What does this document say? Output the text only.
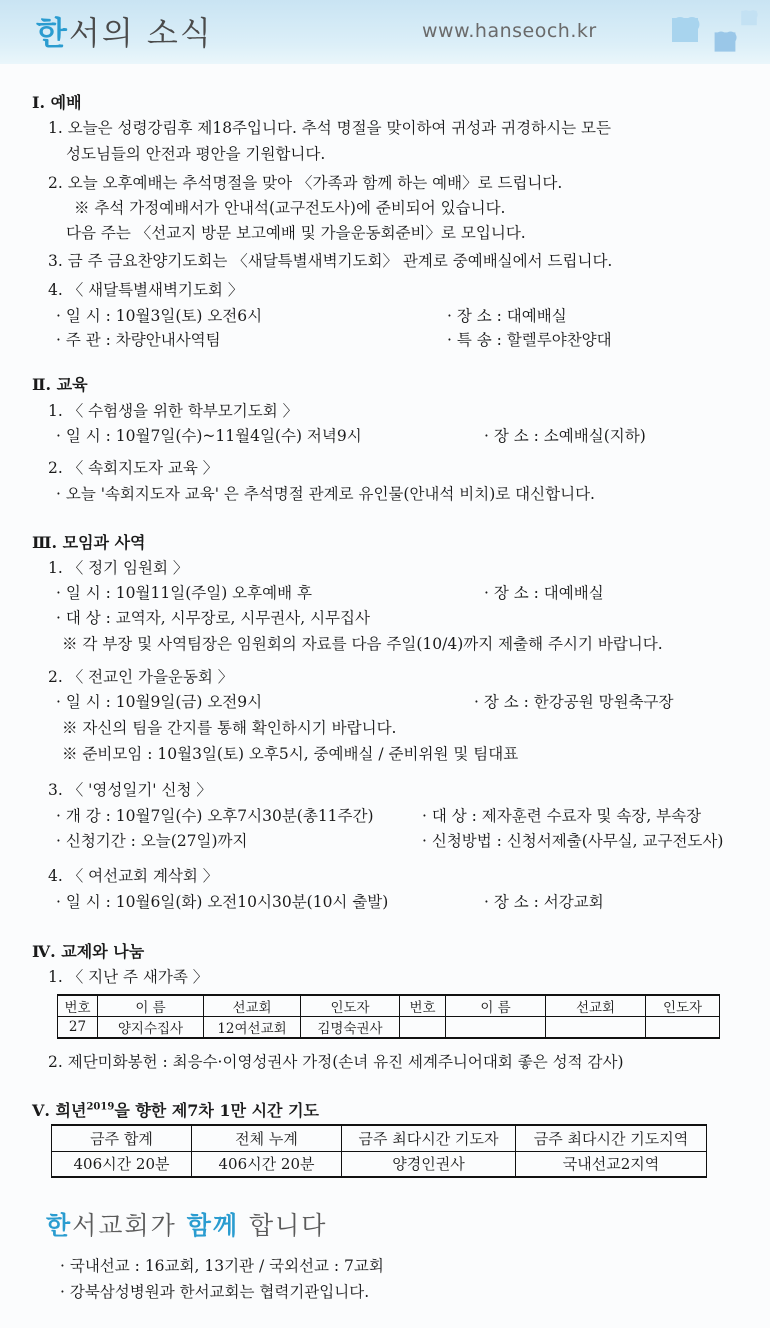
한서의 소식	www.hanseoch.kr
Ⅰ. 예배
1. 오늘은 성령강림후 제18주입니다. 추석 명절을 맞이하여 귀성과 귀경하시는 모든
성도님들의 안전과 평안을 기원합니다.
2. 오늘 오후예배는 추석명절을 맞아 〈가족과 함께 하는 예배〉로 드립니다.
※ 추석 가정예배서가 안내석(교구전도사)에 준비되어 있습니다.
다음 주는 〈선교지 방문 보고예배 및 가을운동회준비〉로 모입니다.
3. 금 주 금요찬양기도회는 〈새달특별새벽기도회〉 관계로 중예배실에서 드립니다.
4. 〈 새달특별새벽기도회 〉
· 일 시 : 10월3일(토) 오전6시	· 장 소 : 대예배실
· 주 관 : 차량안내사역팀	· 특 송 : 할렐루야찬양대
Ⅱ. 교육
1. 〈 수험생을 위한 학부모기도회 〉
· 일 시 : 10월7일(수)~11월4일(수) 저녁9시	· 장 소 : 소예배실(지하)
2. 〈 속회지도자 교육 〉
· 오늘 '속회지도자 교육' 은 추석명절 관계로 유인물(안내석 비치)로 대신합니다.
Ⅲ. 모임과 사역
1. 〈 정기 임원회 〉
· 일 시 : 10월11일(주일) 오후예배 후	· 장 소 : 대예배실
· 대 상 : 교역자, 시무장로, 시무권사, 시무집사
※ 각 부장 및 사역팀장은 임원회의 자료를 다음 주일(10/4)까지 제출해 주시기 바랍니다.
2. 〈 전교인 가을운동회 〉
· 일 시 : 10월9일(금) 오전9시	· 장 소 : 한강공원 망원축구장
※ 자신의 팀을 간지를 통해 확인하시기 바랍니다.
※ 준비모임 : 10월3일(토) 오후5시, 중예배실 / 준비위원 및 팀대표
3. 〈 '영성일기' 신청 〉
· 개 강 : 10월7일(수) 오후7시30분(총11주간)	· 대 상 : 제자훈련 수료자 및 속장, 부속장
· 신청기간 : 오늘(27일)까지	· 신청방법 : 신청서제출(사무실, 교구전도사)
4. 〈 여선교회 계삭회 〉
· 일 시 : 10월6일(화) 오전10시30분(10시 출발)	· 장 소 : 서강교회
Ⅳ. 교제와 나눔
1. 〈 지난 주 새가족 〉
번호	이 름	선교회	인도자	번호	이 름	선교회	인도자
27	양지수집사	12여선교회	김명숙권사				
2. 제단미화봉헌 : 최응수·이영성권사 가정(손녀 유진 세계주니어대회 좋은 성적 감사)
Ⅴ. 희년$^{2019}$을 향한 제7차 1만 시간 기도
금주 합계	전체 누계	금주 최다시간 기도자	금주 최다시간 기도지역
406시간 20분	406시간 20분	양경인권사	국내선교2지역
한서교회가 함께 합니다
· 국내선교 : 16교회, 13기관 / 국외선교 : 7교회
· 강북삼성병원과 한서교회는 협력기관입니다.
